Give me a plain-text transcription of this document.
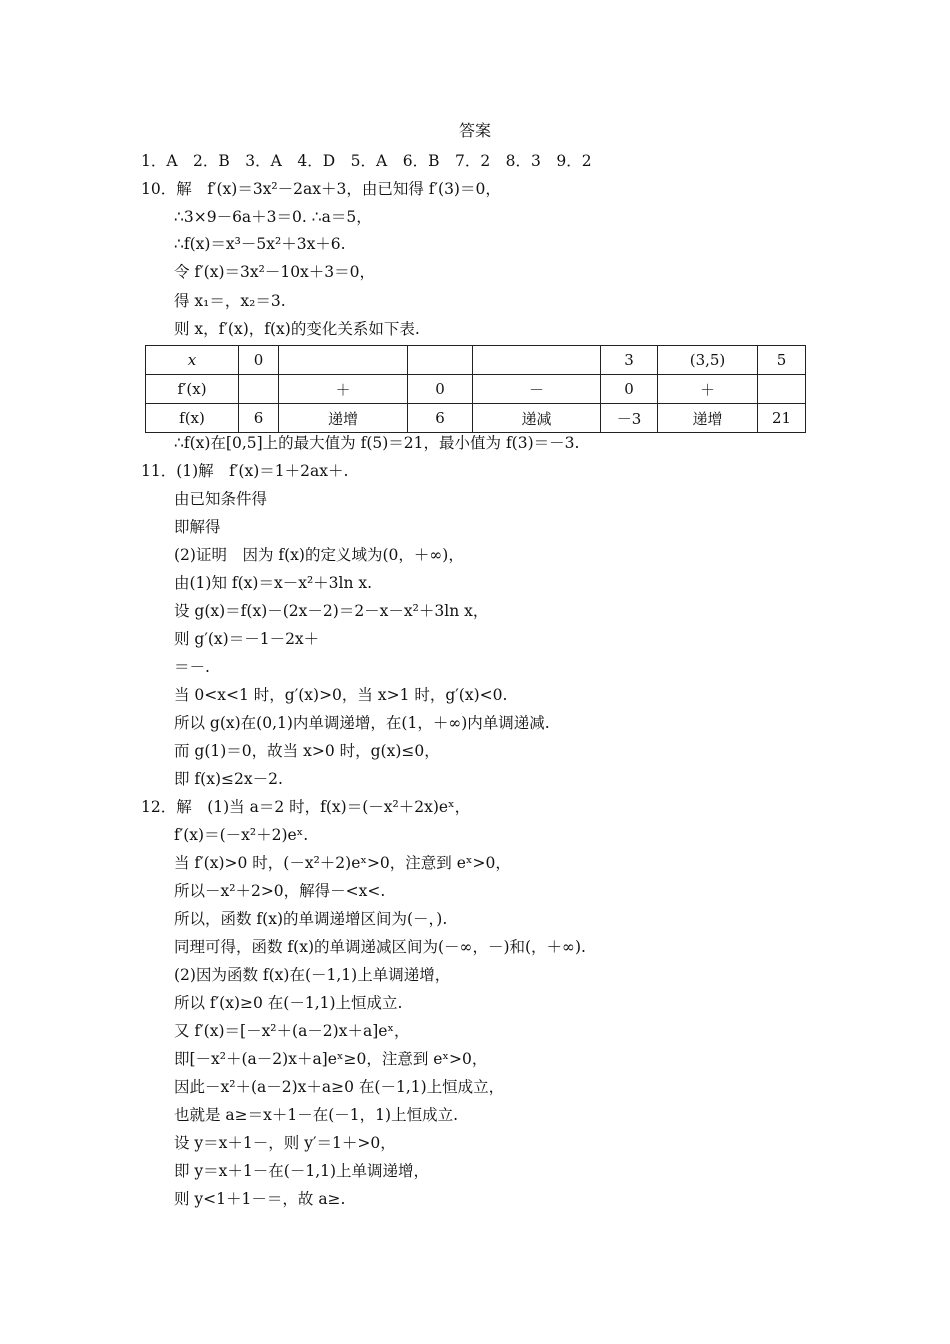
答案
1．A　2．B　3．A　4．D　5．A　6．B　7．2　8．3　9．2
10．解　f′(x)＝3x²－2ax＋3，由已知得 f′(3)＝0，
∴3×9－6a＋3＝0. ∴a＝5，
∴f(x)＝x³－5x²＋3x＋6.
令 f′(x)＝3x²－10x＋3＝0，
得 x₁＝，x₂＝3.
则 x，f′(x)，f(x)的变化关系如下表.
x	0				3	(3,5)	5
f′(x)		＋	0	－	0	＋	
f(x)	6	递增	6	递减	－3	递增	21
∴f(x)在[0,5]上的最大值为 f(5)＝21，最小值为 f(3)＝－3.
11．(1)解　f′(x)＝1＋2ax＋.
由已知条件得
即解得
(2)证明　因为 f(x)的定义域为(0，＋∞)，
由(1)知 f(x)＝x－x²＋3ln x.
设 g(x)＝f(x)－(2x－2)＝2－x－x²＋3ln x，
则 g′(x)＝－1－2x＋
＝－.
当 0<x<1 时，g′(x)>0，当 x>1 时，g′(x)<0.
所以 g(x)在(0,1)内单调递增，在(1，＋∞)内单调递减.
而 g(1)＝0，故当 x>0 时，g(x)≤0，
即 f(x)≤2x－2.
12．解　(1)当 a＝2 时，f(x)＝(－x²＋2x)eˣ，
f′(x)＝(－x²＋2)eˣ.
当 f′(x)>0 时，(－x²＋2)eˣ>0，注意到 eˣ>0，
所以－x²＋2>0，解得－<x<.
所以，函数 f(x)的单调递增区间为(－，).
同理可得，函数 f(x)的单调递减区间为(－∞，－)和(，＋∞).
(2)因为函数 f(x)在(－1,1)上单调递增，
所以 f′(x)≥0 在(－1,1)上恒成立.
又 f′(x)＝[－x²＋(a－2)x＋a]eˣ，
即[－x²＋(a－2)x＋a]eˣ≥0，注意到 eˣ>0，
因此－x²＋(a－2)x＋a≥0 在(－1,1)上恒成立，
也就是 a≥＝x＋1－在(－1，1)上恒成立.
设 y＝x＋1－，则 y′＝1＋>0，
即 y＝x＋1－在(－1,1)上单调递增，
则 y<1＋1－＝，故 a≥.
